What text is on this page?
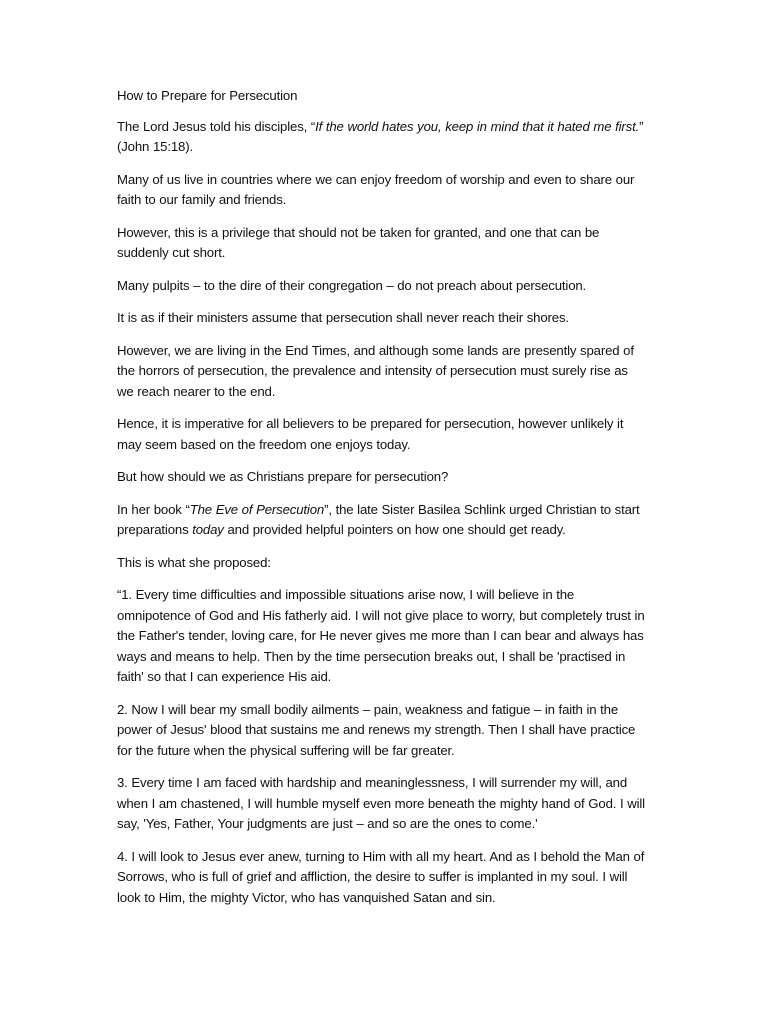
How to Prepare for Persecution

The Lord Jesus told his disciples, “If the world hates you, keep in mind that it hated me first.” (John 15:18).

Many of us live in countries where we can enjoy freedom of worship and even to share our faith to our family and friends.

However, this is a privilege that should not be taken for granted, and one that can be suddenly cut short.

Many pulpits – to the dire of their congregation – do not preach about persecution.

It is as if their ministers assume that persecution shall never reach their shores.

However, we are living in the End Times, and although some lands are presently spared of the horrors of persecution, the prevalence and intensity of persecution must surely rise as we reach nearer to the end.

Hence, it is imperative for all believers to be prepared for persecution, however unlikely it may seem based on the freedom one enjoys today.

But how should we as Christians prepare for persecution?

In her book “The Eve of Persecution”, the late Sister Basilea Schlink urged Christian to start preparations today and provided helpful pointers on how one should get ready.

This is what she proposed:

“1. Every time difficulties and impossible situations arise now, I will believe in the omnipotence of God and His fatherly aid. I will not give place to worry, but completely trust in the Father's tender, loving care, for He never gives me more than I can bear and always has ways and means to help. Then by the time persecution breaks out, I shall be 'practised in faith' so that I can experience His aid.

2. Now I will bear my small bodily ailments – pain, weakness and fatigue – in faith in the power of Jesus' blood that sustains me and renews my strength. Then I shall have practice for the future when the physical suffering will be far greater.

3. Every time I am faced with hardship and meaninglessness, I will surrender my will, and when I am chastened, I will humble myself even more beneath the mighty hand of God. I will say, 'Yes, Father, Your judgments are just – and so are the ones to come.'

4. I will look to Jesus ever anew, turning to Him with all my heart. And as I behold the Man of Sorrows, who is full of grief and affliction, the desire to suffer is implanted in my soul. I will look to Him, the mighty Victor, who has vanquished Satan and sin.
